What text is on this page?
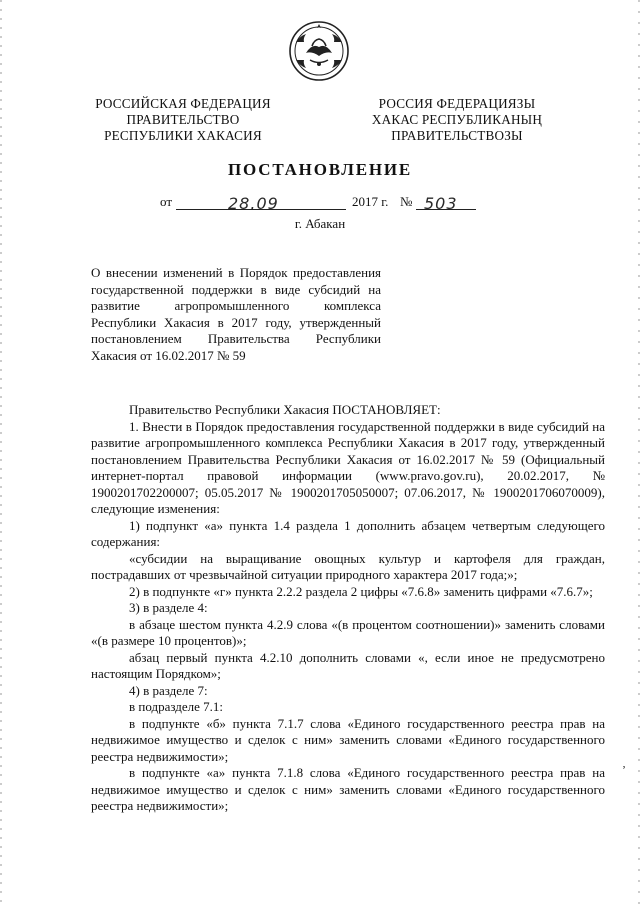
РОССИЙСКАЯ ФЕДЕРАЦИЯ
ПРАВИТЕЛЬСТВО
РЕСПУБЛИКИ ХАКАСИЯ
РОССИЯ ФЕДЕРАЦИЯЗЫ
ХАКАС РЕСПУБЛИКАНЫҢ
ПРАВИТЕЛЬСТВОЗЫ
ПОСТАНОВЛЕНИЕ
от	28.09	2017 г. № 503
г. Абакан
О внесении изменений в Порядок предоставления государственной поддержки в виде субсидий на развитие агропромышленного комплекса Республики Хакасия в 2017 году, утвержденный постановлением Правительства Республики Хакасия от 16.02.2017 № 59

Правительство Республики Хакасия ПОСТАНОВЛЯЕТ:

1. Внести в Порядок предоставления государственной поддержки в виде субсидий на развитие агропромышленного комплекса Республики Хакасия в 2017 году, утвержденный постановлением Правительства Республики Хакасия от 16.02.2017 № 59 (Официальный интернет-портал правовой информации (www.pravo.gov.ru), 20.02.2017, № 1900201702200007; 05.05.2017 № 1900201705050007; 07.06.2017, № 1900201706070009), следующие изменения:

1) подпункт «а» пункта 1.4 раздела 1 дополнить абзацем четвертым следующего содержания:

«субсидии на выращивание овощных культур и картофеля для граждан, пострадавших от чрезвычайной ситуации природного характера 2017 года;»;

2) в подпункте «г» пункта 2.2.2 раздела 2 цифры «7.6.8» заменить цифрами «7.6.7»;

3) в разделе 4:

в абзаце шестом пункта 4.2.9 слова «(в процентом соотношении)» заменить словами «(в размере 10 процентов)»;

абзац первый пункта 4.2.10 дополнить словами «, если иное не предусмотрено настоящим Порядком»;

4) в разделе 7:

в подразделе 7.1:

в подпункте «б» пункта 7.1.7 слова «Единого государственного реестра прав на недвижимое имущество и сделок с ним» заменить словами «Единого государственного реестра недвижимости»;

в подпункте «а» пункта 7.1.8 слова «Единого государственного реестра прав на недвижимое имущество и сделок с ним» заменить словами «Единого государственного реестра недвижимости»;

‚
